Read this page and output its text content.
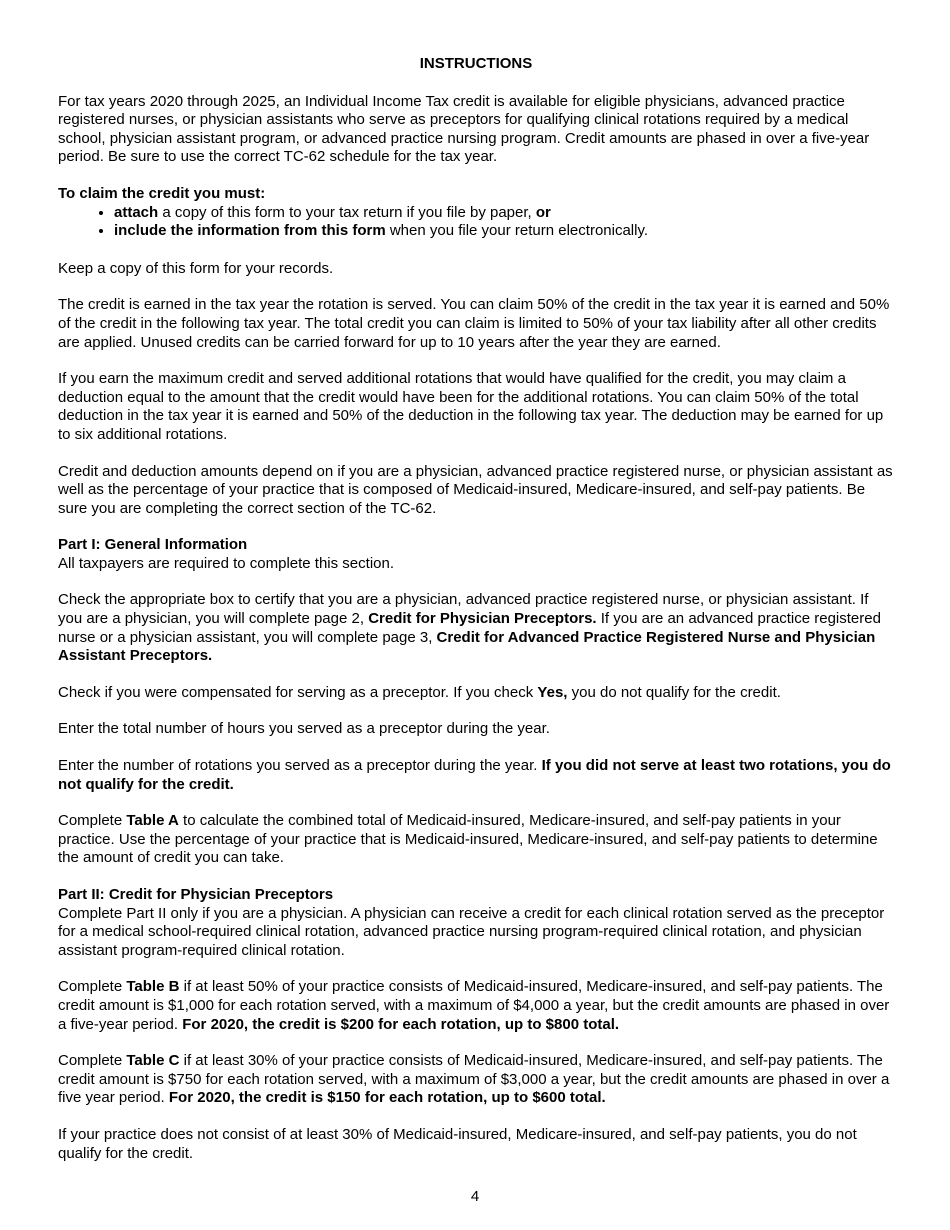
INSTRUCTIONS

For tax years 2020 through 2025, an Individual Income Tax credit is available for eligible physicians, advanced practice registered nurses, or physician assistants who serve as preceptors for qualifying clinical rotations required by a medical school, physician assistant program, or advanced practice nursing program. Credit amounts are phased in over a five-year period. Be sure to use the correct TC-62 schedule for the tax year.

To claim the credit you must:
• attach a copy of this form to your tax return if you file by paper, or
• include the information from this form when you file your return electronically.

Keep a copy of this form for your records.

The credit is earned in the tax year the rotation is served. You can claim 50% of the credit in the tax year it is earned and 50% of the credit in the following tax year. The total credit you can claim is limited to 50% of your tax liability after all other credits are applied. Unused credits can be carried forward for up to 10 years after the year they are earned.

If you earn the maximum credit and served additional rotations that would have qualified for the credit, you may claim a deduction equal to the amount that the credit would have been for the additional rotations. You can claim 50% of the total deduction in the tax year it is earned and 50% of the deduction in the following tax year. The deduction may be earned for up to six additional rotations.

Credit and deduction amounts depend on if you are a physician, advanced practice registered nurse, or physician assistant as well as the percentage of your practice that is composed of Medicaid-insured, Medicare-insured, and self-pay patients. Be sure you are completing the correct section of the TC-62.

Part I: General Information

All taxpayers are required to complete this section.

Check the appropriate box to certify that you are a physician, advanced practice registered nurse, or physician assistant. If you are a physician, you will complete page 2, Credit for Physician Preceptors. If you are an advanced practice registered nurse or a physician assistant, you will complete page 3, Credit for Advanced Practice Registered Nurse and Physician Assistant Preceptors.

Check if you were compensated for serving as a preceptor. If you check Yes, you do not qualify for the credit.

Enter the total number of hours you served as a preceptor during the year.

Enter the number of rotations you served as a preceptor during the year. If you did not serve at least two rotations, you do not qualify for the credit.

Complete Table A to calculate the combined total of Medicaid-insured, Medicare-insured, and self-pay patients in your practice. Use the percentage of your practice that is Medicaid-insured, Medicare-insured, and self-pay patients to determine the amount of credit you can take.

Part II: Credit for Physician Preceptors

Complete Part II only if you are a physician. A physician can receive a credit for each clinical rotation served as the preceptor for a medical school-required clinical rotation, advanced practice nursing program-required clinical rotation, and physician assistant program-required clinical rotation.

Complete Table B if at least 50% of your practice consists of Medicaid-insured, Medicare-insured, and self-pay patients. The credit amount is $1,000 for each rotation served, with a maximum of $4,000 a year, but the credit amounts are phased in over a five-year period. For 2020, the credit is $200 for each rotation, up to $800 total.

Complete Table C if at least 30% of your practice consists of Medicaid-insured, Medicare-insured, and self-pay patients. The credit amount is $750 for each rotation served, with a maximum of $3,000 a year, but the credit amounts are phased in over a five year period. For 2020, the credit is $150 for each rotation, up to $600 total.

If your practice does not consist of at least 30% of Medicaid-insured, Medicare-insured, and self-pay patients, you do not qualify for the credit.

4
